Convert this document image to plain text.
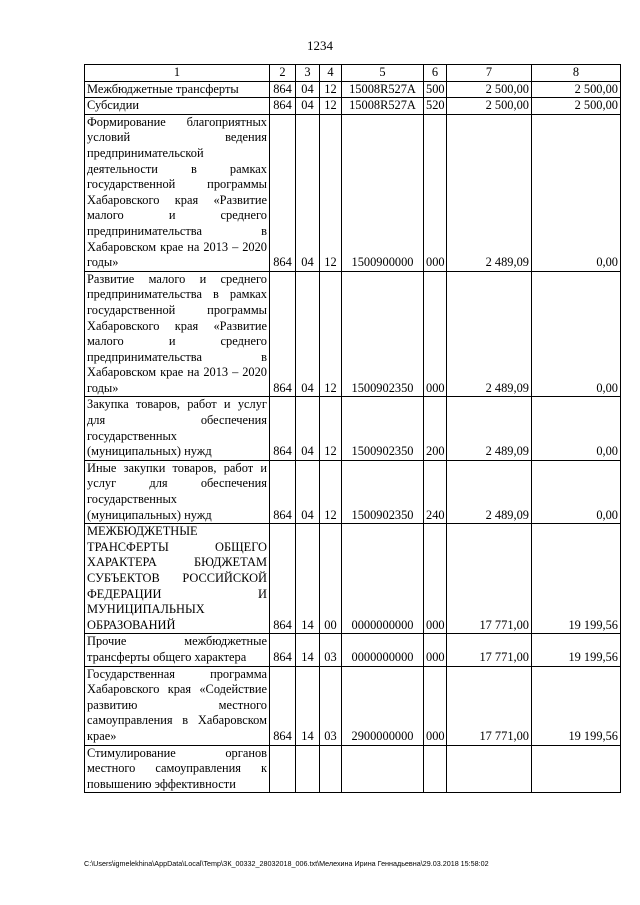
1234
1	2	3	4	5	6	7	8
Межбюджетные трансферты	864	04	12	15008R527A	500	2 500,00	2 500,00
Субсидии	864	04	12	15008R527A	520	2 500,00	2 500,00
Формирование благоприятных условий ведения предпринимательской деятельности в рамках государственной программы Хабаровского края «Развитие малого и среднего предпринимательства в Хабаровском крае на 2013 – 2020 годы»	864	04	12	1500900000	000	2 489,09	0,00
Развитие малого и среднего предпринимательства в рамках государственной программы Хабаровского края «Развитие малого и среднего предпринимательства в Хабаровском крае на 2013 – 2020 годы»	864	04	12	1500902350	000	2 489,09	0,00
Закупка товаров, работ и услуг для обеспечения государственных (муниципальных) нужд	864	04	12	1500902350	200	2 489,09	0,00
Иные закупки товаров, работ и услуг для обеспечения государственных (муниципальных) нужд	864	04	12	1500902350	240	2 489,09	0,00
МЕЖБЮДЖЕТНЫЕ ТРАНСФЕРТЫ ОБЩЕГО ХАРАКТЕРА БЮДЖЕТАМ СУБЪЕКТОВ РОССИЙСКОЙ ФЕДЕРАЦИИ И МУНИЦИПАЛЬНЫХ ОБРАЗОВАНИЙ	864	14	00	0000000000	000	17 771,00	19 199,56
Прочие межбюджетные трансферты общего характера	864	14	03	0000000000	000	17 771,00	19 199,56
Государственная программа Хабаровского края «Содействие развитию местного самоуправления в Хабаровском крае»	864	14	03	2900000000	000	17 771,00	19 199,56
Стимулирование органов местного самоуправления к повышению эффективности							
C:\Users\igmelekhina\AppData\Local\Temp\ЗК_00332_28032018_006.txt\Мелехина Ирина Геннадьевна\29.03.2018 15:58:02
